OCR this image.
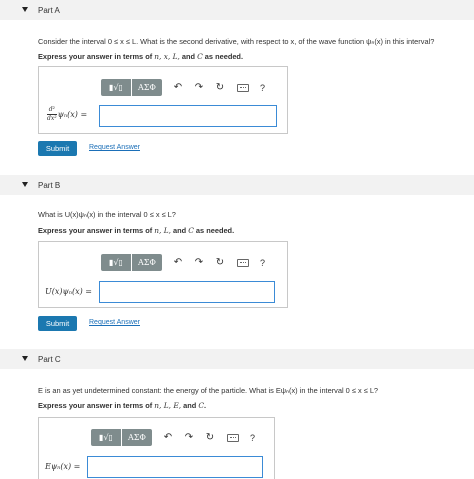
Part A
Consider the interval 0 ≤ x ≤ L. What is the second derivative, with respect to x, of the wave function ψₙ(x) in this interval?
Express your answer in terms of n, x, L, and C as needed.
▮√▯	ΑΣΦ	↶ ↷ ↻	?
$\frac{\text{d²}}{\text{dx²}} \psi_n(x)$ =
Submit	Request Answer
Part B
What is U(x)ψₙ(x) in the interval 0 ≤ x ≤ L?
Express your answer in terms of n, L, and C as needed.
▮√▯	ΑΣΦ	↶ ↷ ↻	?
U(x)ψₙ(x) =
Submit	Request Answer
Part C
E is an as yet undetermined constant: the energy of the particle. What is Eψₙ(x) in the interval 0 ≤ x ≤ L?
Express your answer in terms of n, L, E, and C.
▮√▯	ΑΣΦ	↶ ↷ ↻	?
Eψₙ(x) =
